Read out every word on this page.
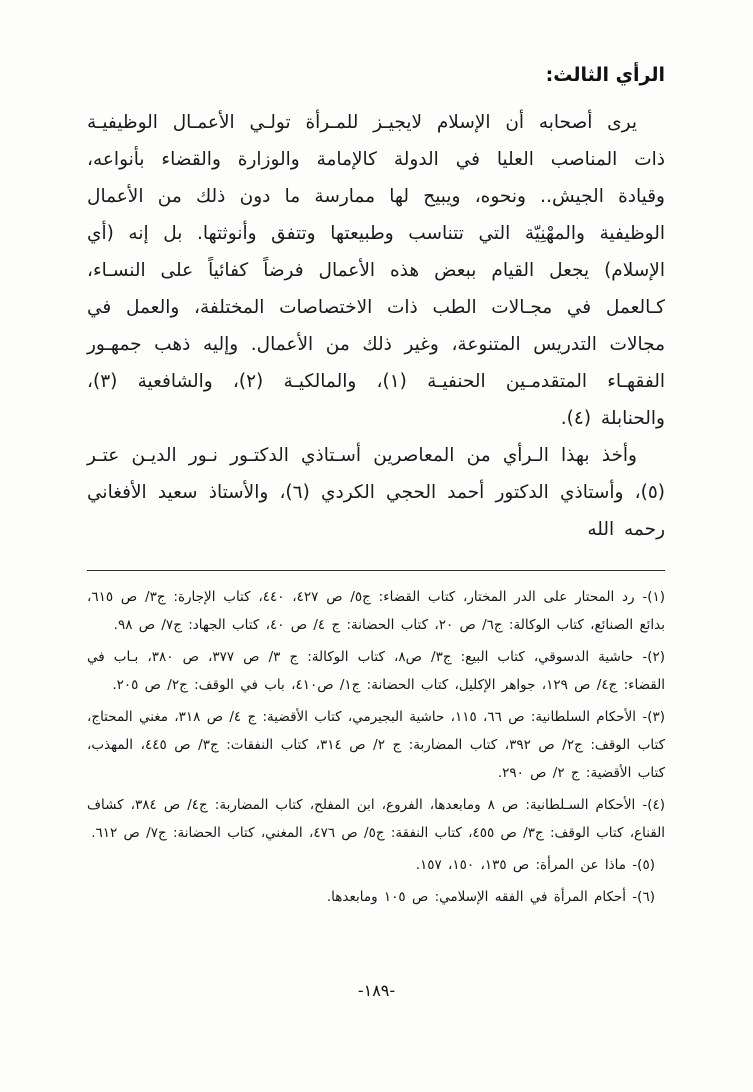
الرأي الثالث:

يرى أصحابه أن الإسلام لايجيـز للمـرأة تولـي الأعمـال الوظيفيـة ذات المناصب العليا في الدولة كالإمامة والوزارة والقضاء بأنواعه، وقيادة الجيش.. ونحوه، ويبيح لها ممارسة ما دون ذلك من الأعمال الوظيفية والمهْنِيّة التي تتناسب وطبيعتها وتتفق وأنوثتها. بل إنه (أي الإسلام) يجعل القيام ببعض هذه الأعمال فرضاً كفائياً على النسـاء، كـالعمل في مجـالات الطب ذات الاختصاصات المختلفة، والعمل في مجالات التدريس المتنوعة، وغير ذلك من الأعمال. وإليه ذهب جمهـور الفقهـاء المتقدمـين الحنفيـة (١)، والمالكيـة (٢)، والشافعية (٣)، والحنابلة (٤).

وأخذ بهذا الـرأي من المعاصرين أسـتاذي الدكتـور نـور الديـن عتـر (٥)، وأستاذي الدكتور أحمد الحجي الكردي (٦)، والأستاذ سعيد الأفغاني رحمه الله

(١)- رد المحتار على الدر المختار، كتاب القضاء: ج٥/ ص ٤٢٧، ٤٤٠، كتاب الإجارة: ج٣/ ص ٦١٥، بدائع الصنائع، كتاب الوكالة: ج٦/ ص ٢٠، كتاب الحضانة: ج ٤/ ص ٤٠، كتاب الجهاد: ج٧/ ص ٩٨.

(٢)- حاشية الدسوقي، كتاب البيع: ج٣/ ص٨، كتاب الوكالة: ج ٣/ ص ٣٧٧، ص ٣٨٠، بـاب في القضاء: ج٤/ ص ١٢٩، جواهر الإكليل، كتاب الحضانة: ج١/ ص٤١٠، باب في الوقف: ج٢/ ص ٢٠٥.

(٣)- الأحكام السلطانية: ص ٦٦، ١١٥، حاشية البجيرمي، كتاب الأقضية: ج ٤/ ص ٣١٨، مغني المحتاج، كتاب الوقف: ج٢/ ص ٣٩٢، كتاب المضاربة: ج ٢/ ص ٣١٤، كتاب النفقات: ج٣/ ص ٤٤٥، المهذب، كتاب الأقضية: ج ٢/ ص ٢٩٠.

(٤)- الأحكام السـلطانية: ص ٨ ومابعدها، الفروع، ابن المفلح، كتاب المضاربة: ج٤/ ص ٣٨٤، كشاف القناع، كتاب الوقف: ج٣/ ص ٤٥٥، كتاب النفقة: ج٥/ ص ٤٧٦، المغني، كتاب الحضانة: ج٧/ ص ٦١٢.

(٥)- ماذا عن المرأة: ص ١٣٥، ١٥٠، ١٥٧.

(٦)- أحكام المرأة في الفقه الإسلامي: ص ١٠٥ ومابعدها.

-١٨٩-
